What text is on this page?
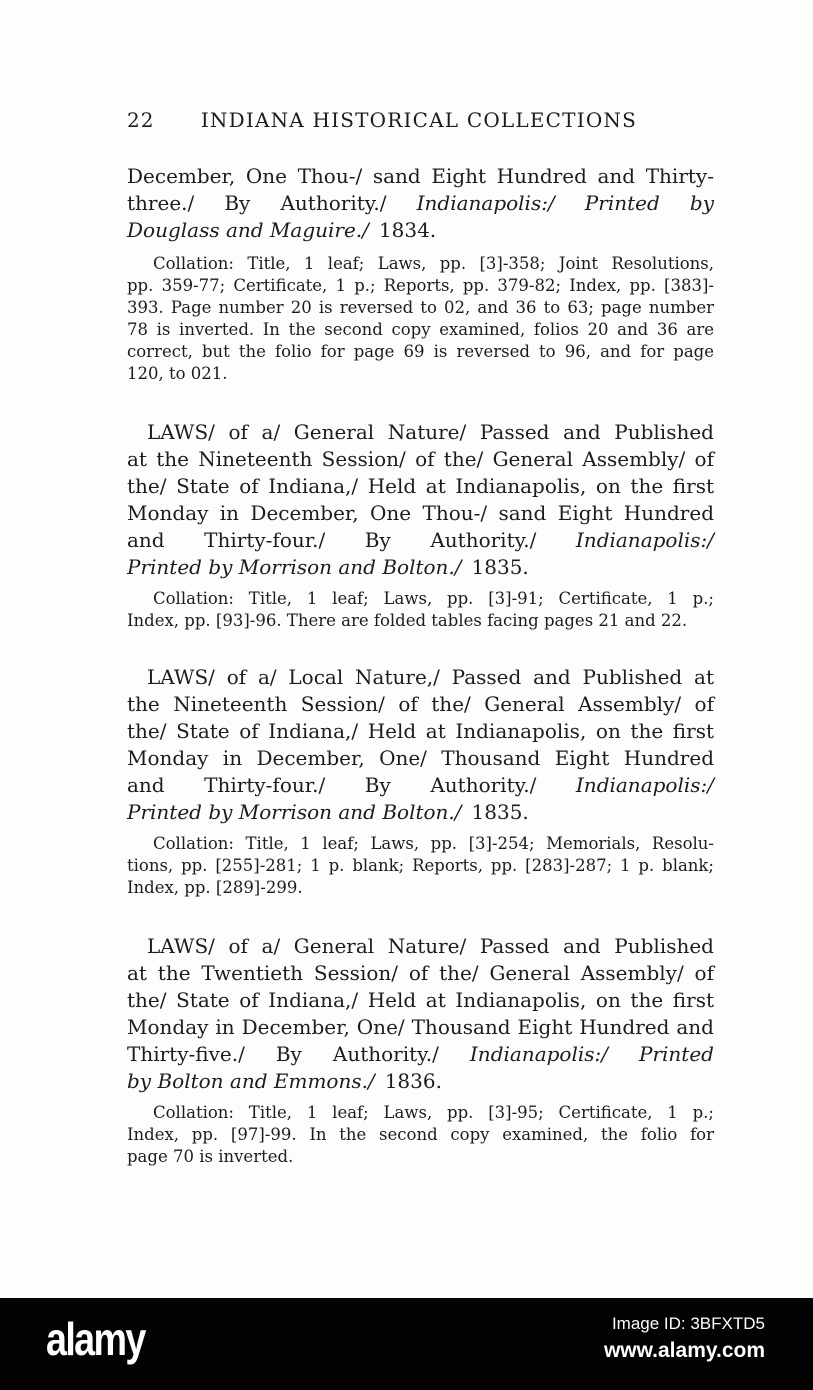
22 INDIANA HISTORICAL COLLECTIONS
December, One Thou-/ sand Eight Hundred and Thirty-
three./ By Authority./ Indianapolis:/ Printed by
Douglass and Maguire./ 1834.
Collation: Title, 1 leaf; Laws, pp. [3]-358; Joint Resolutions,
pp. 359-77; Certificate, 1 p.; Reports, pp. 379-82; Index, pp. [383]-
393. Page number 20 is reversed to 02, and 36 to 63; page number
78 is inverted. In the second copy examined, folios 20 and 36 are
correct, but the folio for page 69 is reversed to 96, and for page
120, to 021.
LAWS/ of a/ General Nature/ Passed and Published
at the Nineteenth Session/ of the/ General Assembly/ of
the/ State of Indiana,/ Held at Indianapolis, on the first
Monday in December, One Thou-/ sand Eight Hundred
and Thirty-four./ By Authority./ Indianapolis:/
Printed by Morrison and Bolton./ 1835.
Collation: Title, 1 leaf; Laws, pp. [3]-91; Certificate, 1 p.;
Index, pp. [93]-96. There are folded tables facing pages 21 and 22.
LAWS/ of a/ Local Nature,/ Passed and Published at
the Nineteenth Session/ of the/ General Assembly/ of
the/ State of Indiana,/ Held at Indianapolis, on the first
Monday in December, One/ Thousand Eight Hundred
and Thirty-four./ By Authority./ Indianapolis:/
Printed by Morrison and Bolton./ 1835.
Collation: Title, 1 leaf; Laws, pp. [3]-254; Memorials, Resolu-
tions, pp. [255]-281; 1 p. blank; Reports, pp. [283]-287; 1 p. blank;
Index, pp. [289]-299.
LAWS/ of a/ General Nature/ Passed and Published
at the Twentieth Session/ of the/ General Assembly/ of
the/ State of Indiana,/ Held at Indianapolis, on the first
Monday in December, One/ Thousand Eight Hundred and
Thirty-five./ By Authority./ Indianapolis:/ Printed
by Bolton and Emmons./ 1836.
Collation: Title, 1 leaf; Laws, pp. [3]-95; Certificate, 1 p.;
Index, pp. [97]-99. In the second copy examined, the folio for
page 70 is inverted.
alamy	Image ID: 3BFXTD5
www.alamy.com
